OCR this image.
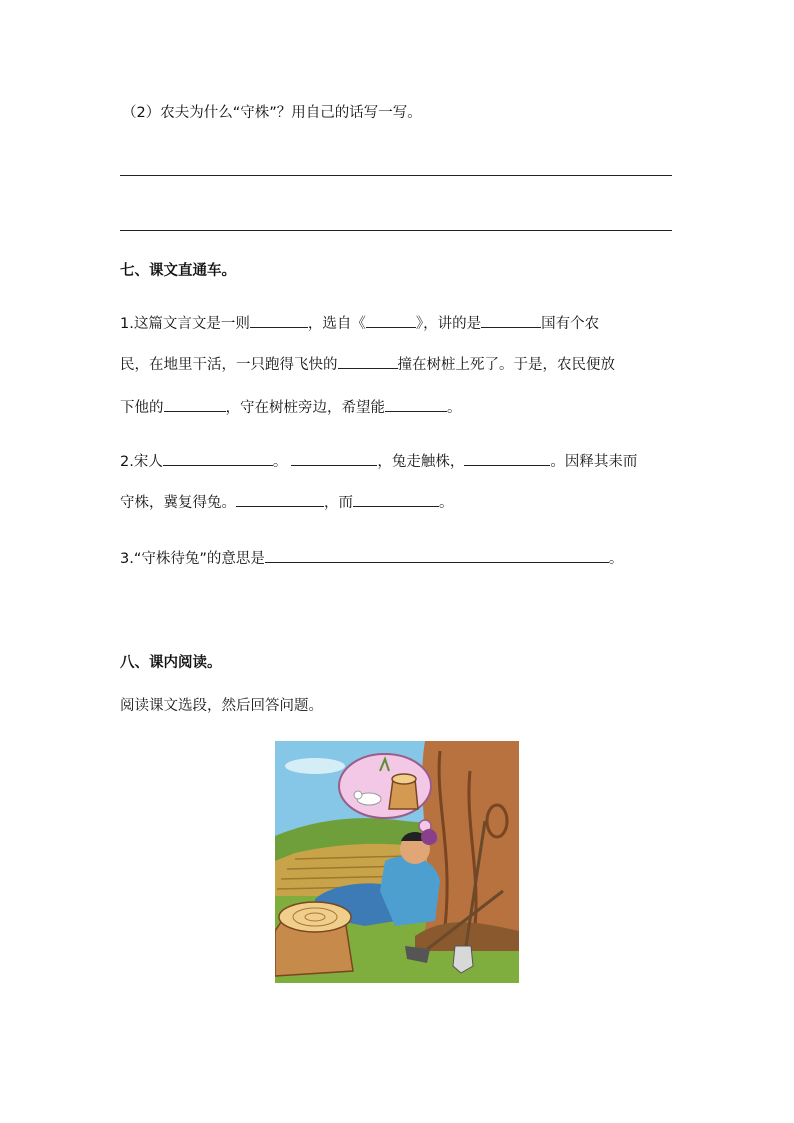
（2）农夫为什么“守株”？用自己的话写一写。
七、课文直通车。
1.这篇文言文是一则	，选自《	》，讲的是	国有个农
民，在地里干活，一只跑得飞快的	撞在树桩上死了。于是，农民便放
下他的	，守在树桩旁边，希望能	。
2.宋人	。	，兔走触株，	。因释其耒而
守株，冀复得兔。	，而	。
3.“守株待兔”的意思是	。
八、课内阅读。
阅读课文选段，然后回答问题。
